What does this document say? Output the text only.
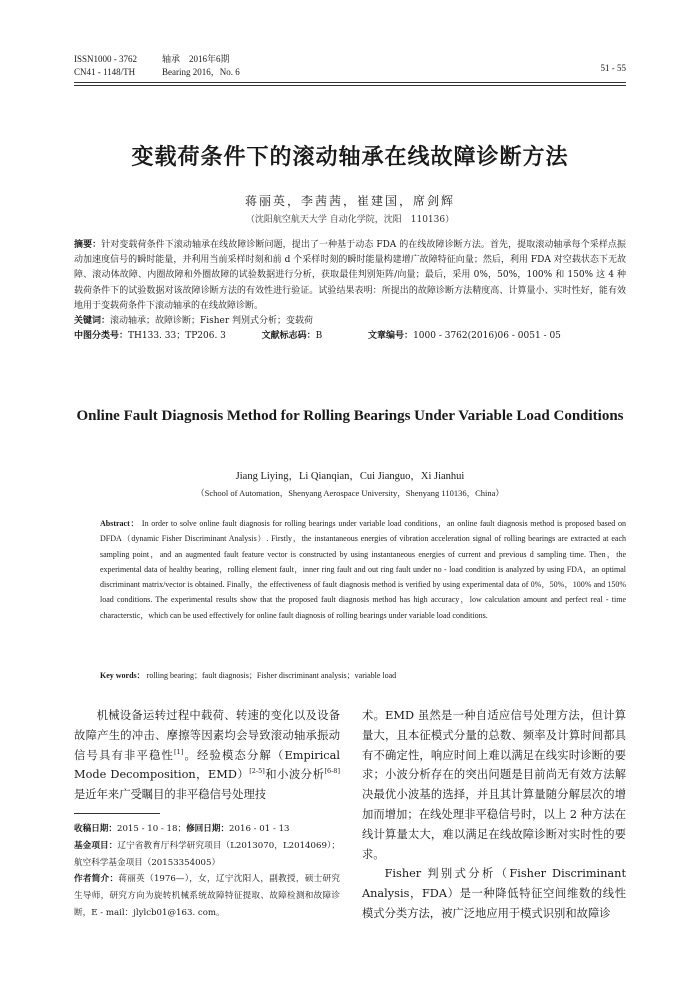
ISSN1000 - 3762
CN41 - 1148/TH
轴承　2016年6期
Bearing 2016，No. 6	51 - 55
变载荷条件下的滚动轴承在线故障诊断方法
蒋丽英，李茜茜，崔建国，席剑辉
（沈阳航空航天大学 自动化学院，沈阳　110136）
摘要：针对变载荷条件下滚动轴承在线故障诊断问题，提出了一种基于动态 FDA 的在线故障诊断方法。首先，提取滚动轴承每个采样点振动加速度信号的瞬时能量，并利用当前采样时刻和前 d 个采样时刻的瞬时能量构建增广故障特征向量；然后，利用 FDA 对空载状态下无故障、滚动体故障、内圈故障和外圈故障的试验数据进行分析，获取最佳判别矩阵/向量；最后，采用 0%，50%，100% 和 150% 这 4 种载荷条件下的试验数据对该故障诊断方法的有效性进行验证。试验结果表明：所提出的故障诊断方法精度高、计算量小、实时性好，能有效地用于变载荷条件下滚动轴承的在线故障诊断。
关键词：滚动轴承；故障诊断；Fisher 判别式分析；变载荷
中图分类号：TH133. 33；TP206. 3	文献标志码：B	文章编号：1000 - 3762(2016)06 - 0051 - 05
Online Fault Diagnosis Method for Rolling Bearings Under Variable Load Conditions
Jiang Liying，Li Qianqian，Cui Jianguo，Xi Jianhui
（School of Automation，Shenyang Aerospace University，Shenyang 110136，China）
Abstract： In order to solve online fault diagnosis for rolling bearings under variable load conditions，an online fault diagnosis method is proposed based on DFDA（dynamic Fisher Discriminant Analysis）. Firstly，the instantaneous energies of vibration acceleration signal of rolling bearings are extracted at each sampling point，and an augmented fault feature vector is constructed by using instantaneous energies of current and previous d sampling time. Then，the experimental data of healthy bearing，rolling element fault，inner ring fault and out ring fault under no - load condition is analyzed by using FDA，an optimal discriminant matrix/vector is obtained. Finally，the effectiveness of fault diagnosis method is verified by using experimental data of 0%，50%，100% and 150% load conditions. The experimental results show that the proposed fault diagnosis method has high accuracy，low calculation amount and perfect real - time characterstic，which can be used effectively for online fault diagnosis of rolling bearings under variable load conditions.
Key words： rolling bearing；fault diagnosis；Fisher discriminant analysis；variable load
机械设备运转过程中载荷、转速的变化以及设备故障产生的冲击、摩擦等因素均会导致滚动轴承振动信号具有非平稳性[1]。经验模态分解（Empirical Mode Decomposition，EMD）[2-5]和小波分析[6-8]是近年来广受瞩目的非平稳信号处理技
收稿日期：2015 - 10 - 18；修回日期：2016 - 01 - 13
基金项目：辽宁省教育厅科学研究项目（L2013070，L2014069）；航空科学基金项目（20153354005）
作者简介：蒋丽英（1976—），女，辽宁沈阳人，副教授，硕士研究生导师，研究方向为旋转机械系统故障特征提取、故障检测和故障诊断，E - mail：jlylcb01@163. com。
术。EMD 虽然是一种自适应信号处理方法，但计算量大，且本征模式分量的总数、频率及计算时间都具有不确定性，响应时间上难以满足在线实时诊断的要求；小波分析存在的突出问题是目前尚无有效方法解决最优小波基的选择，并且其计算量随分解层次的增加而增加；在线处理非平稳信号时，以上 2 种方法在线计算量太大，难以满足在线故障诊断对实时性的要求。
Fisher 判别式分析（Fisher Discriminant Analysis，FDA）是一种降低特征空间维数的线性模式分类方法，被广泛地应用于模式识别和故障诊
